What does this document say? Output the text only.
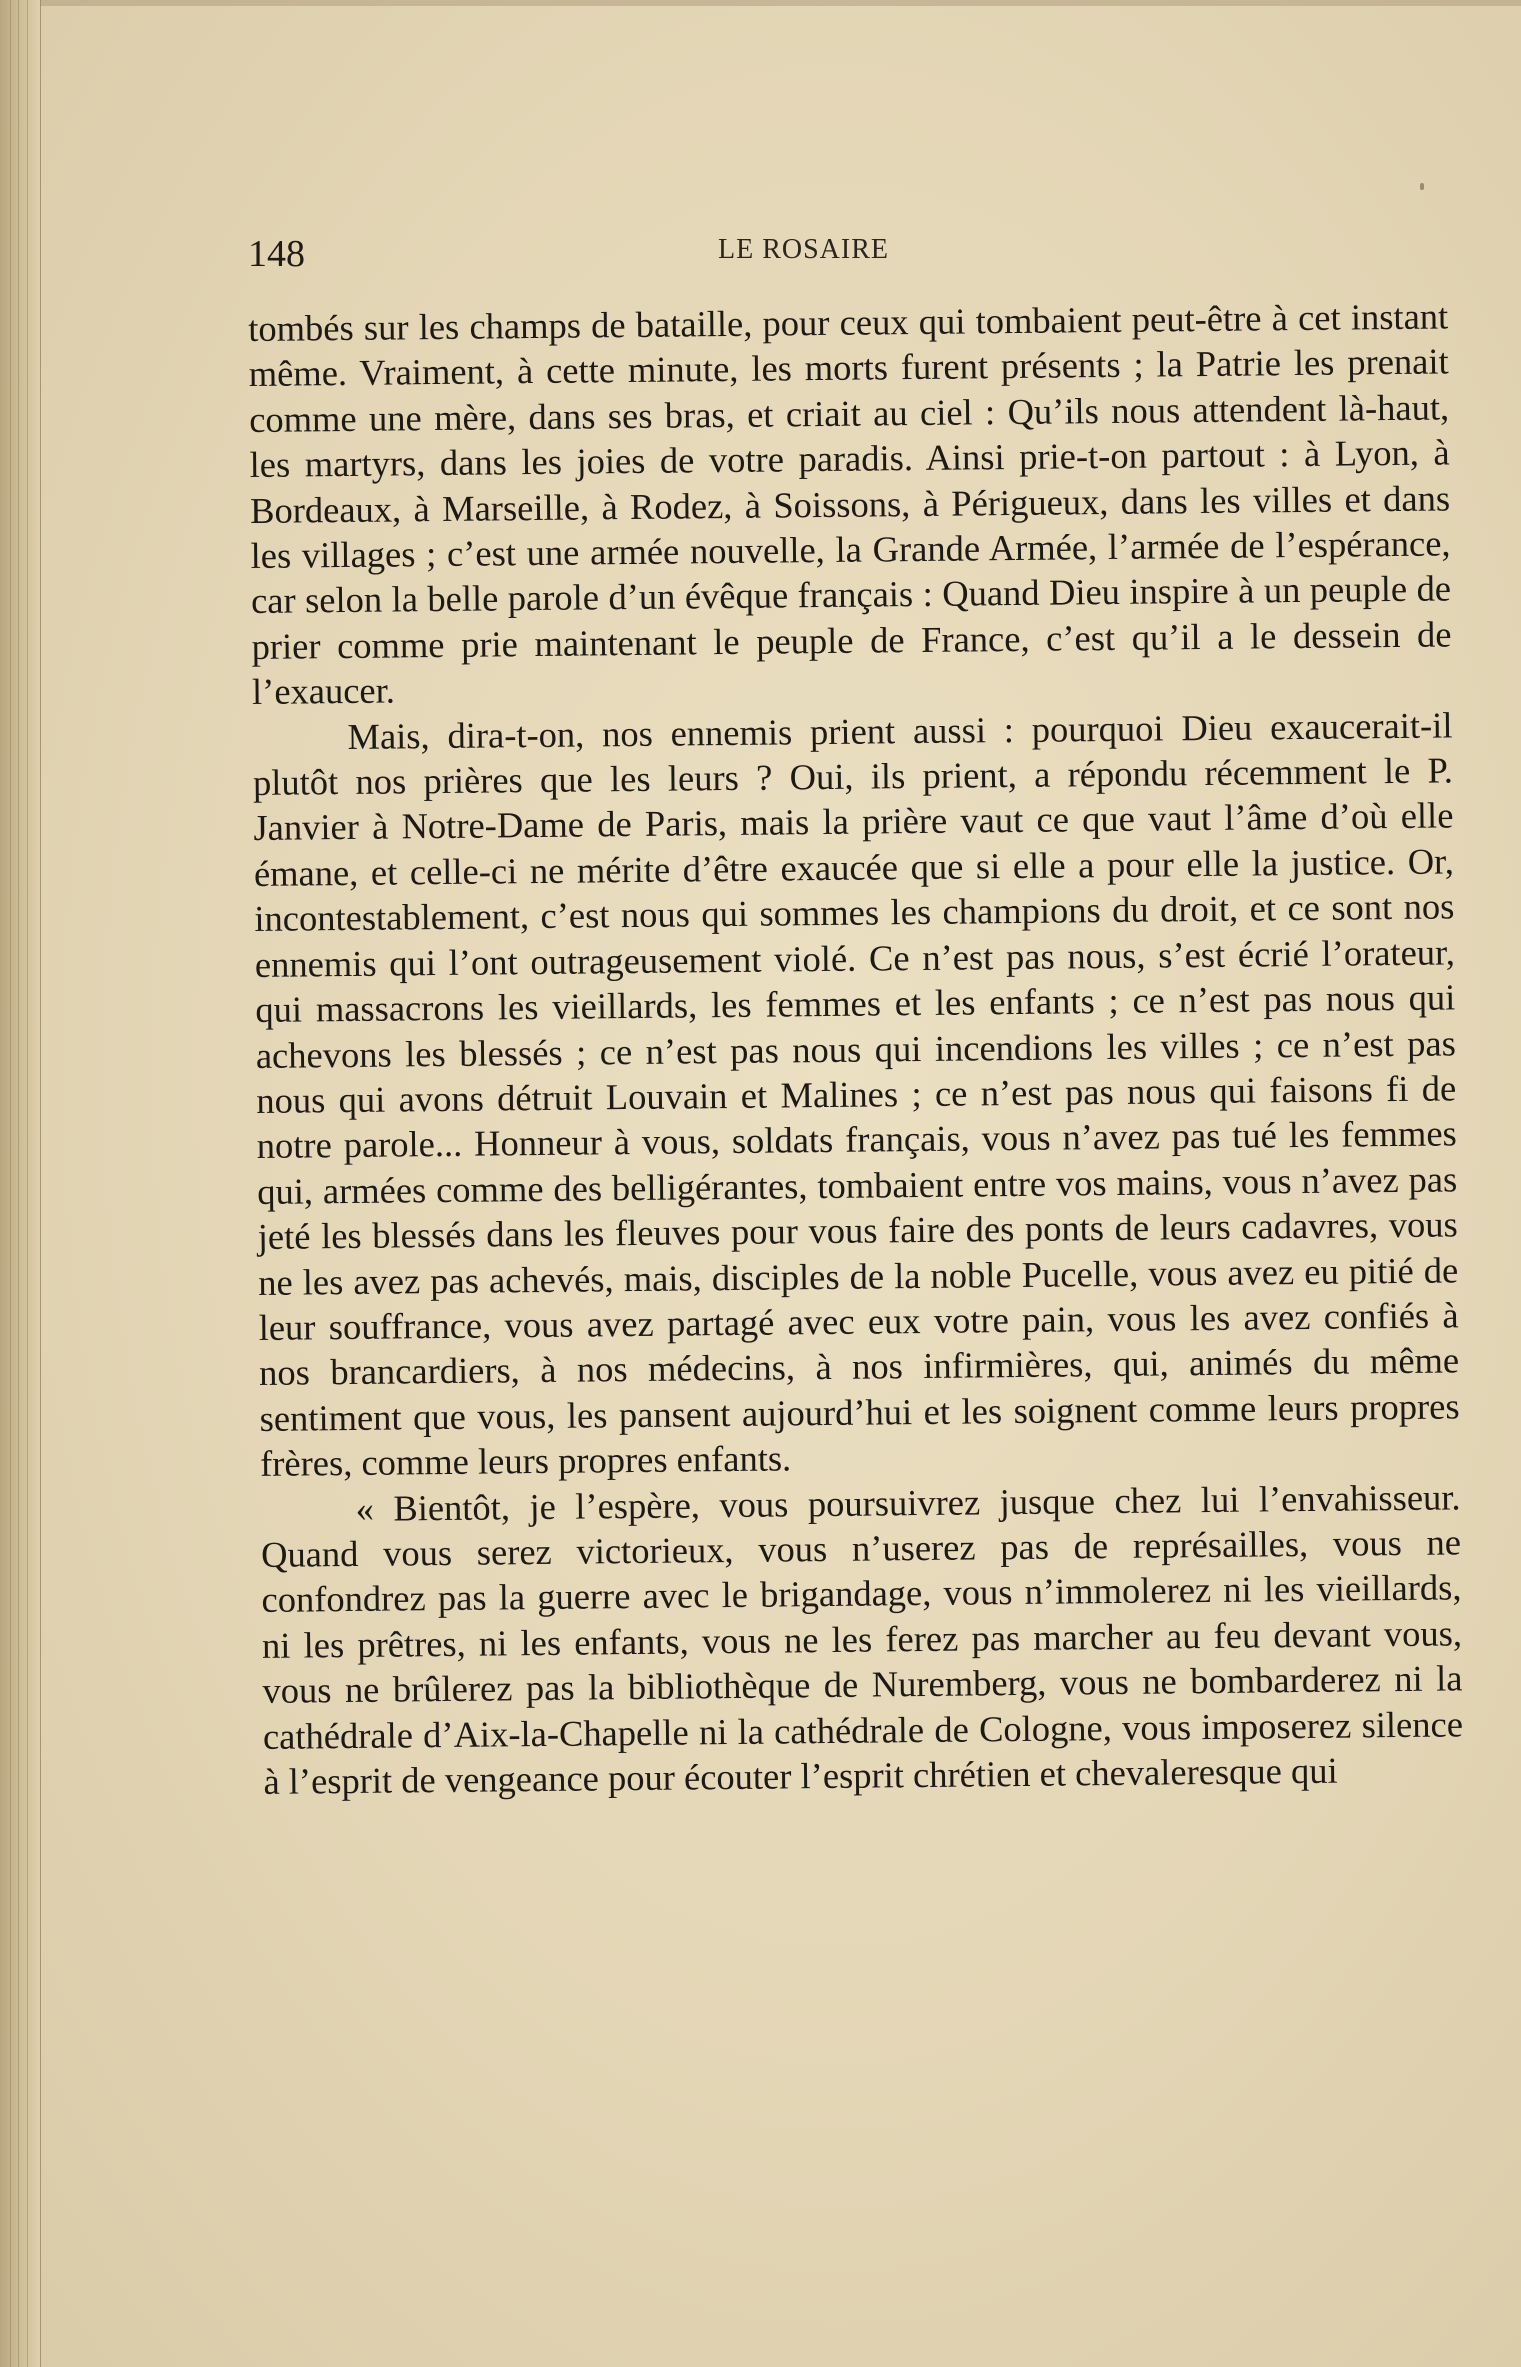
148	LE ROSAIRE

tombés sur les champs de bataille, pour ceux qui tombaient peut-être à cet instant même. Vraiment, à cette minute, les morts furent présents ; la Patrie les prenait comme une mère, dans ses bras, et criait au ciel : Qu’ils nous attendent là-haut, les martyrs, dans les joies de votre paradis. Ainsi prie-t-on partout : à Lyon, à Bordeaux, à Marseille, à Rodez, à Soissons, à Périgueux, dans les villes et dans les villages ; c’est une armée nouvelle, la Grande Armée, l’armée de l’espérance, car selon la belle parole d’un évêque français : Quand Dieu inspire à un peuple de prier comme prie maintenant le peuple de France, c’est qu’il a le dessein de l’exaucer.

Mais, dira-t-on, nos ennemis prient aussi : pourquoi Dieu exaucerait-il plutôt nos prières que les leurs ? Oui, ils prient, a répondu récemment le P. Janvier à Notre-Dame de Paris, mais la prière vaut ce que vaut l’âme d’où elle émane, et celle-ci ne mérite d’être exaucée que si elle a pour elle la justice. Or, incontestablement, c’est nous qui sommes les champions du droit, et ce sont nos ennemis qui l’ont outrageusement violé. Ce n’est pas nous, s’est écrié l’orateur, qui massacrons les vieillards, les femmes et les enfants ; ce n’est pas nous qui achevons les blessés ; ce n’est pas nous qui incendions les villes ; ce n’est pas nous qui avons détruit Louvain et Malines ; ce n’est pas nous qui faisons fi de notre parole... Honneur à vous, soldats français, vous n’avez pas tué les femmes qui, armées comme des belligérantes, tombaient entre vos mains, vous n’avez pas jeté les blessés dans les fleuves pour vous faire des ponts de leurs cadavres, vous ne les avez pas achevés, mais, disciples de la noble Pucelle, vous avez eu pitié de leur souffrance, vous avez partagé avec eux votre pain, vous les avez confiés à nos brancardiers, à nos médecins, à nos infirmières, qui, animés du même sentiment que vous, les pansent aujourd’hui et les soignent comme leurs propres frères, comme leurs propres enfants.

« Bientôt, je l’espère, vous poursuivrez jusque chez lui l’envahisseur. Quand vous serez victorieux, vous n’userez pas de représailles, vous ne confondrez pas la guerre avec le brigandage, vous n’immolerez ni les vieillards, ni les prêtres, ni les enfants, vous ne les ferez pas marcher au feu devant vous, vous ne brûlerez pas la bibliothèque de Nuremberg, vous ne bombarderez ni la cathédrale d’Aix-la-Chapelle ni la cathédrale de Cologne, vous imposerez silence à l’esprit de vengeance pour écouter l’esprit chrétien et chevaleresque qui
